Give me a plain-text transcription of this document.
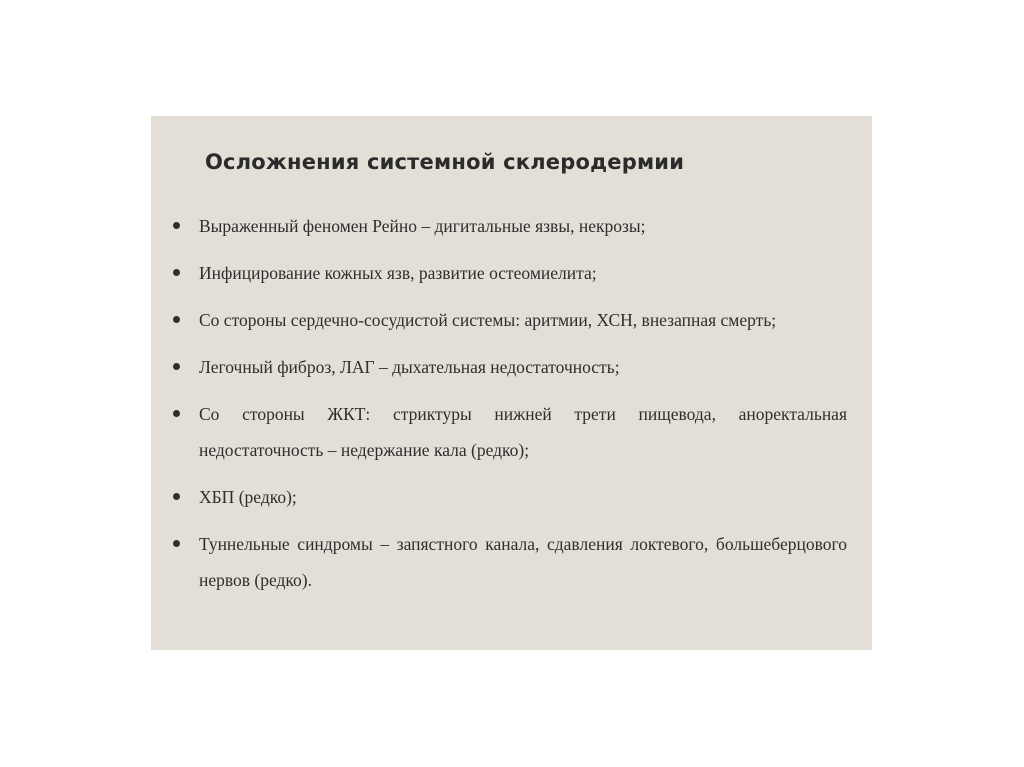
Осложнения системной склеродермии
Выраженный феномен Рейно – дигитальные язвы, некрозы;
Инфицирование кожных язв, развитие остеомиелита;
Со стороны сердечно-сосудистой системы: аритмии, ХСН, внезапная смерть;
Легочный фиброз, ЛАГ – дыхательная недостаточность;
Со стороны ЖКТ: стриктуры нижней трети пищевода, аноректальная недостаточность – недержание кала (редко);
ХБП (редко);
Туннельные синдромы – запястного канала, сдавления локтевого, большеберцового нервов (редко).
